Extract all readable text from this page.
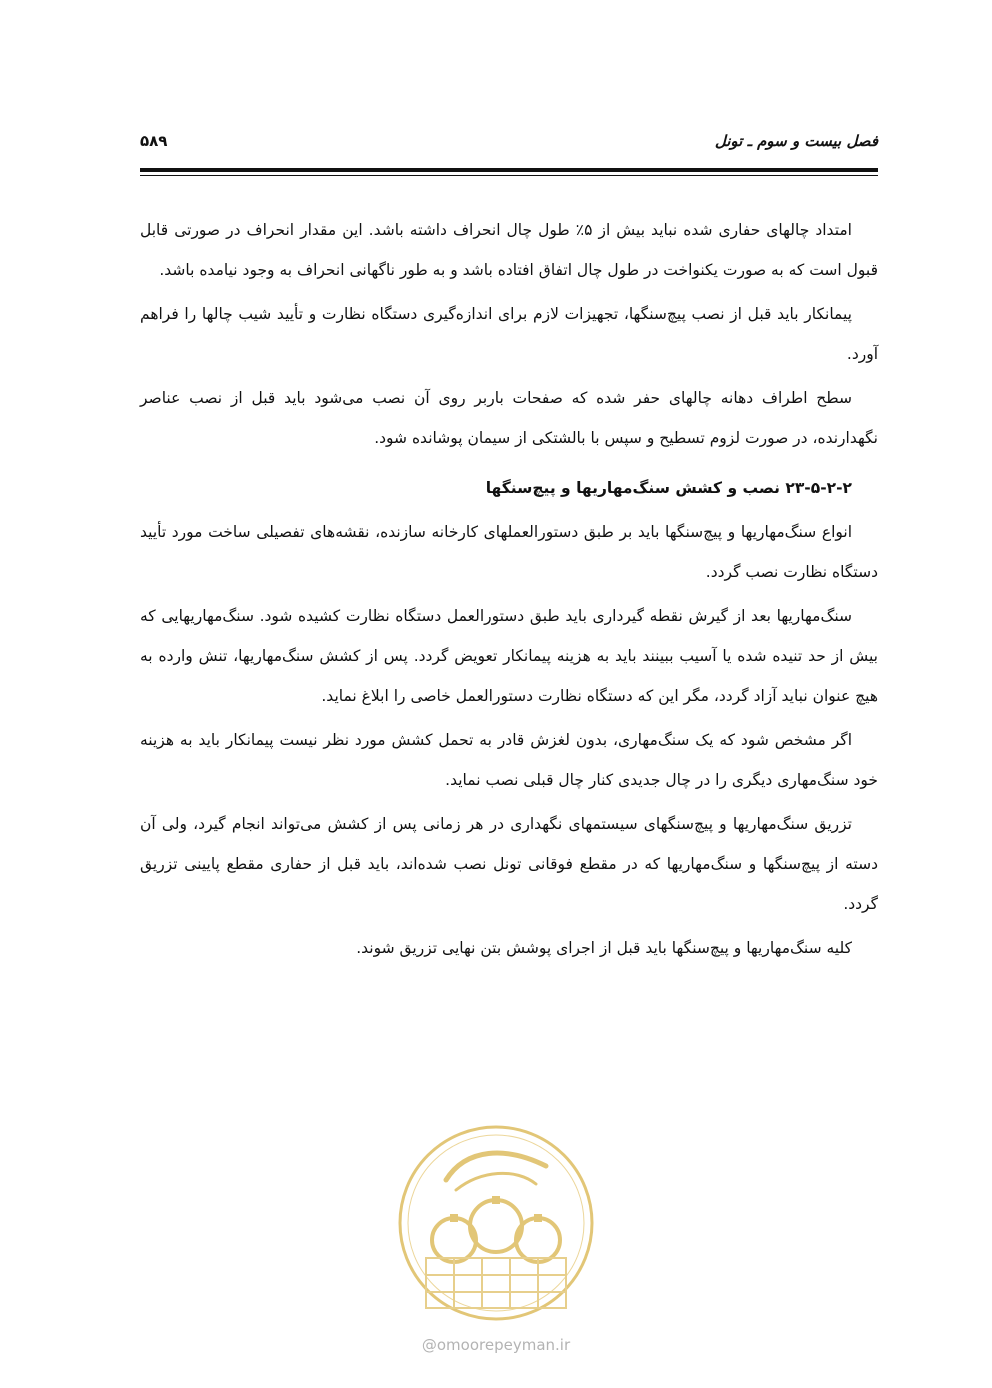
فصل بیست و سوم ـ تونل
۵۸۹

امتداد چالهای حفاری شده نباید بیش از ۵٪ طول چال انحراف داشته باشد. این مقدار انحراف در صورتی قابل قبول است که به صورت یکنواخت در طول چال اتفاق افتاده باشد و به طور ناگهانی انحراف به وجود نیامده باشد.

پیمانکار باید قبل از نصب پیچ‌سنگها، تجهیزات لازم برای اندازه‌گیری دستگاه نظارت و تأیید شیب چالها را فراهم آورد.

سطح اطراف دهانه چالهای حفر شده که صفحات باربر روی آن نصب می‌شود باید قبل از نصب عناصر نگهدارنده، در صورت لزوم تسطیح و سپس با بالشتکی از سیمان پوشانده شود.

۲۳-۵-۲-۲ نصب و کشش سنگ‌مهاریها و پیچ‌سنگها

انواع سنگ‌مهاریها و پیچ‌سنگها باید بر طبق دستورالعملهای کارخانه سازنده، نقشه‌های تفصیلی ساخت مورد تأیید دستگاه نظارت نصب گردد.

سنگ‌مهاریها بعد از گیرش نقطه گیرداری باید طبق دستورالعمل دستگاه نظارت کشیده شود. سنگ‌مهاریهایی که بیش از حد تنیده شده یا آسیب ببینند باید به هزینه پیمانکار تعویض گردد. پس از کشش سنگ‌مهاریها، تنش وارده به هیچ عنوان نباید آزاد گردد، مگر این که دستگاه نظارت دستورالعمل خاصی را ابلاغ نماید.

اگر مشخص شود که یک سنگ‌مهاری، بدون لغزش قادر به تحمل کشش مورد نظر نیست پیمانکار باید به هزینه خود سنگ‌مهاری دیگری را در چال جدیدی کنار چال قبلی نصب نماید.

تزریق سنگ‌مهاریها و پیچ‌سنگهای سیستمهای نگهداری در هر زمانی پس از کشش می‌تواند انجام گیرد، ولی آن دسته از پیچ‌سنگها و سنگ‌مهاریها که در مقطع فوقانی تونل نصب شده‌اند، باید قبل از حفاری مقطع پایینی تزریق گردد.

کلیه سنگ‌مهاریها و پیچ‌سنگها باید قبل از اجرای پوشش بتن نهایی تزریق شوند.

@omoorepeyman.ir
